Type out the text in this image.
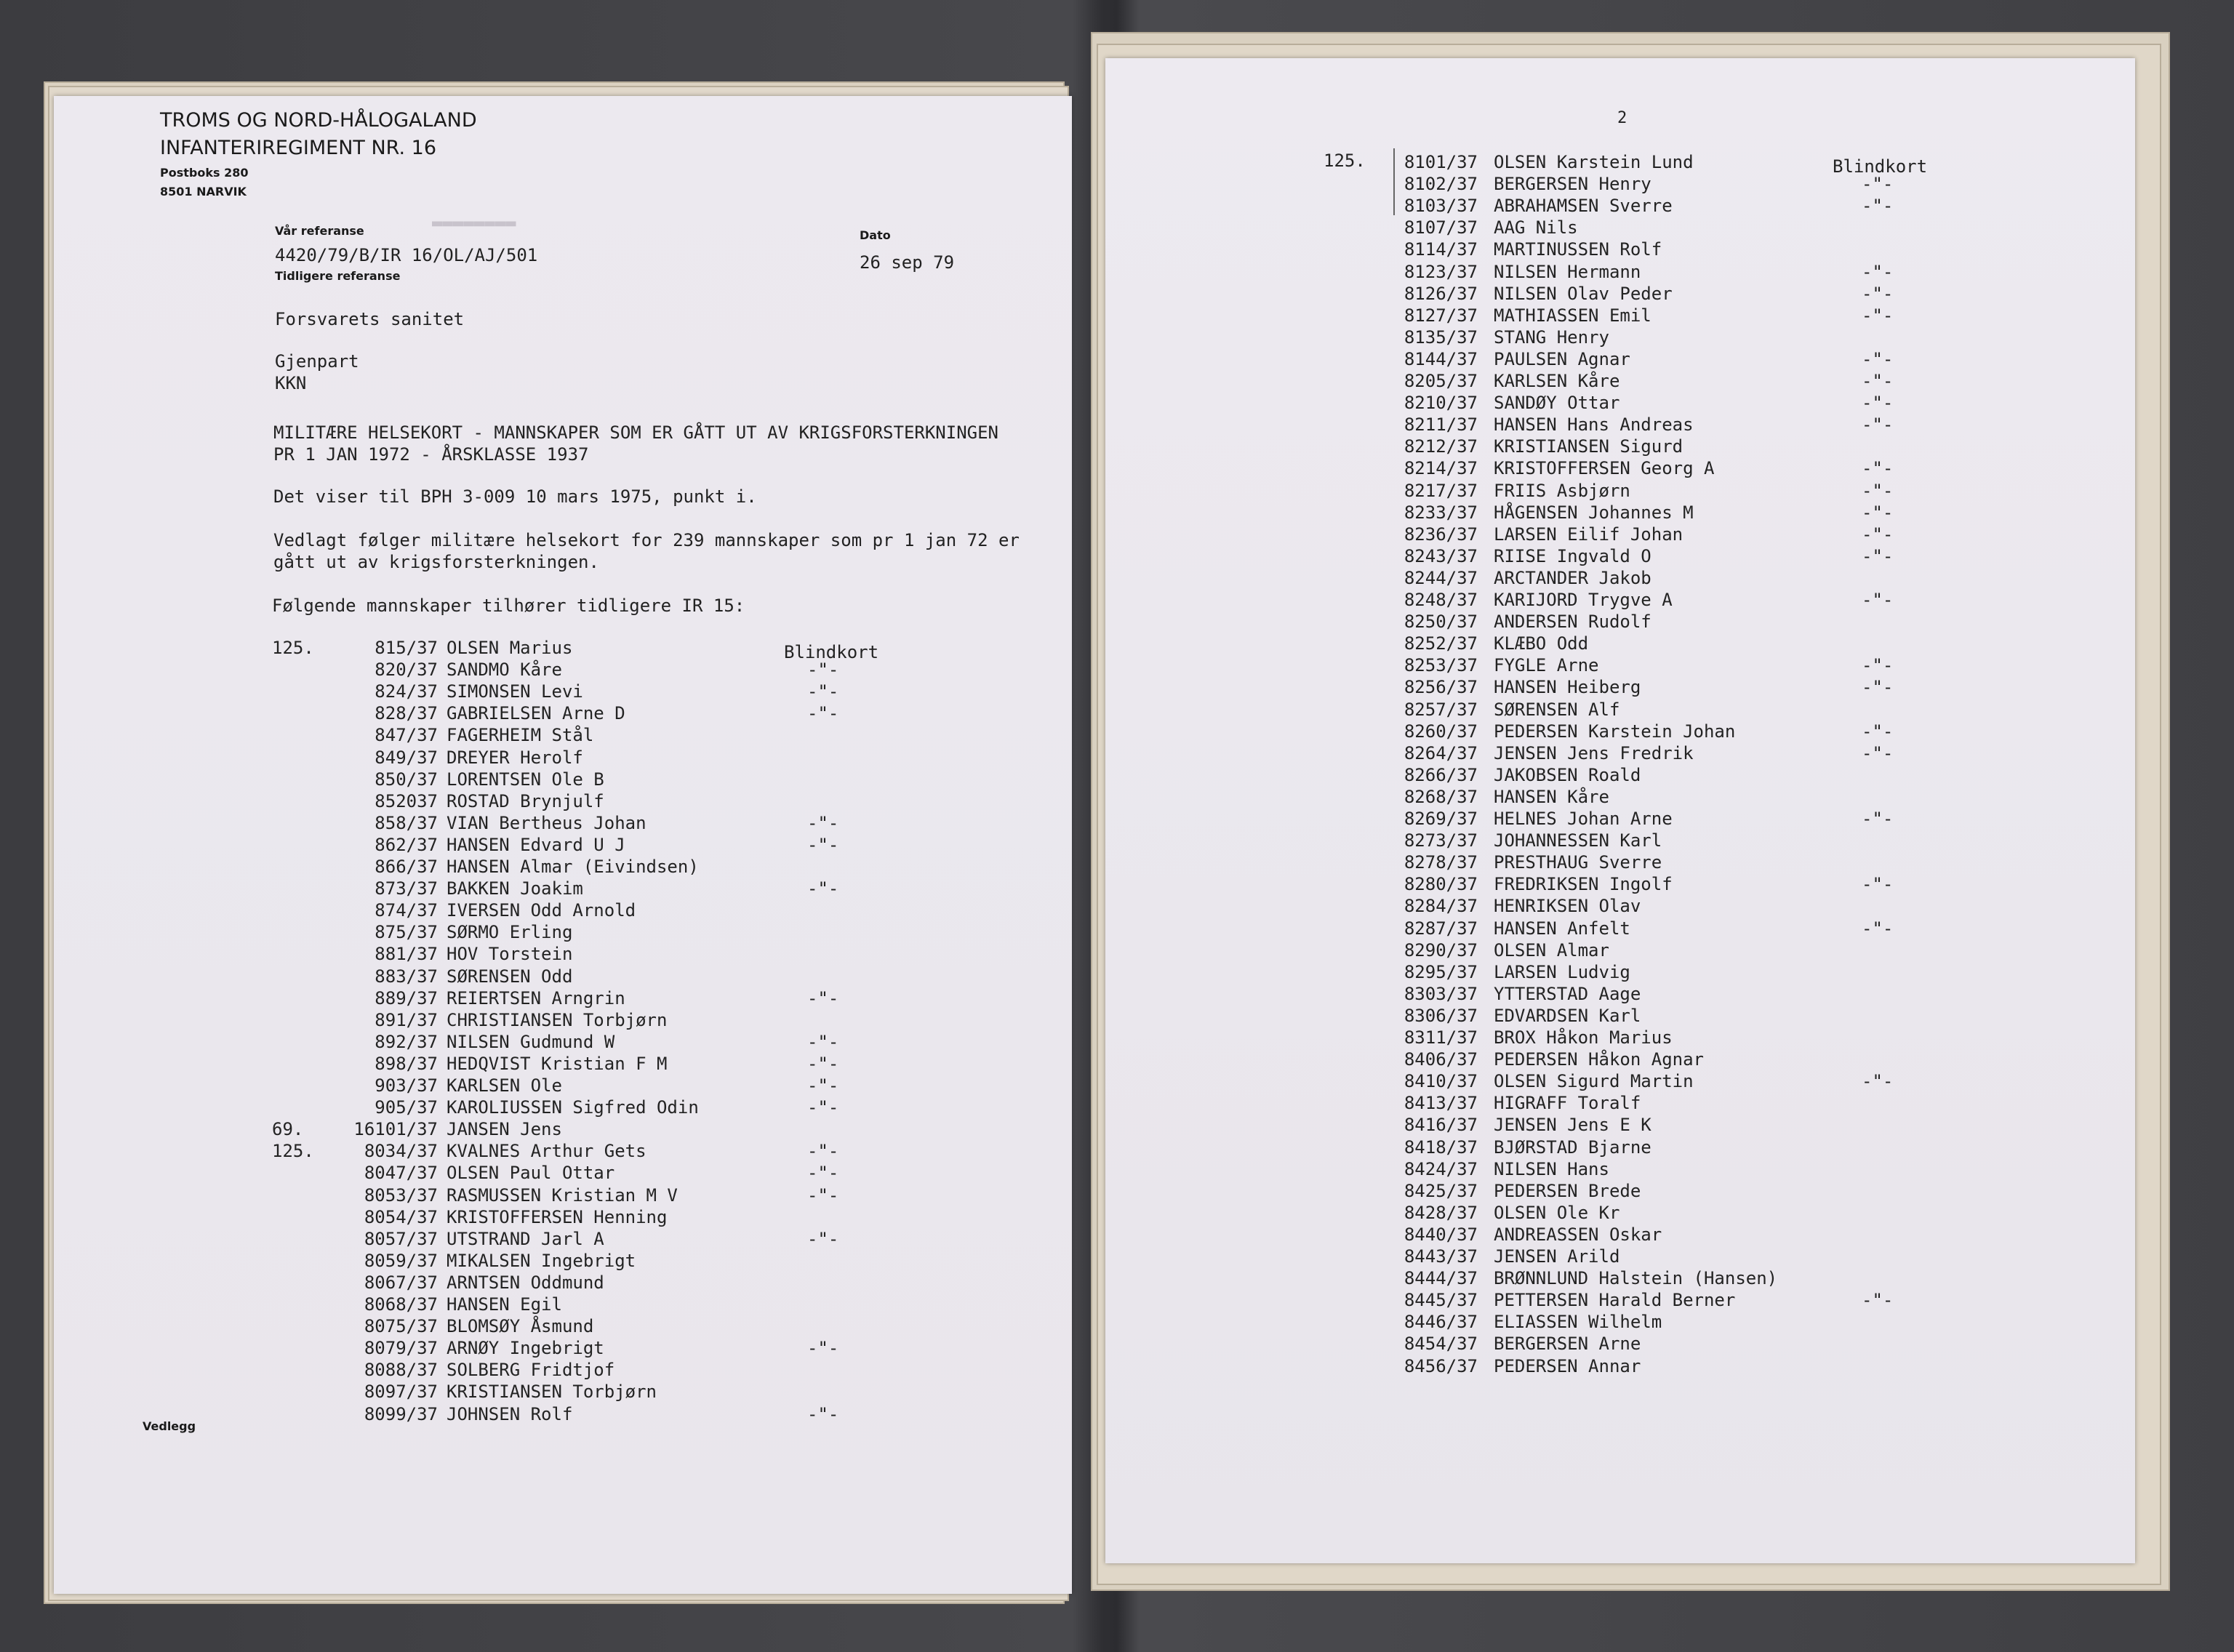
TROMS OG NORD-HÅLOGALAND
INFANTERIREGIMENT NR. 16
Postboks 280
8501 NARVIK
Vår referanse
4420/79/B/IR 16/OL/AJ/501
Tidligere referanse
Dato
26 sep 79
▬▬▬▬▬▬▬▬
Forsvarets sanitet
Gjenpart
KKN
MILITÆRE HELSEKORT - MANNSKAPER SOM ER GÅTT UT AV KRIGSFORSTERKNINGEN
PR 1 JAN 1972 - ÅRSKLASSE 1937
Det viser til BPH 3-009 10 mars 1975, punkt i.
Vedlagt følger militære helsekort for 239 mannskaper som pr 1 jan 72 er
gått ut av krigsforsterkningen.
Følgende mannskaper tilhører tidligere IR 15:
Blindkort
125.	815/37 OLSEN Marius
820/37 SANDMO Kåre	-"-
824/37 SIMONSEN Levi	-"-
828/37 GABRIELSEN Arne D	-"-
847/37 FAGERHEIM Stål
849/37 DREYER Herolf
850/37 LORENTSEN Ole B
852037 ROSTAD Brynjulf
858/37 VIAN Bertheus Johan	-"-
862/37 HANSEN Edvard U J	-"-
866/37 HANSEN Almar (Eivindsen)
873/37 BAKKEN Joakim	-"-
874/37 IVERSEN Odd Arnold
875/37 SØRMO Erling
881/37 HOV Torstein
883/37 SØRENSEN Odd
889/37 REIERTSEN Arngrin	-"-
891/37 CHRISTIANSEN Torbjørn
892/37 NILSEN Gudmund W	-"-
898/37 HEDQVIST Kristian F M	-"-
903/37 KARLSEN Ole	-"-
905/37 KAROLIUSSEN Sigfred Odin	-"-
69.	16101/37 JANSEN Jens
125.	8034/37 KVALNES Arthur Gets	-"-
8047/37 OLSEN Paul Ottar	-"-
8053/37 RASMUSSEN Kristian M V	-"-
8054/37 KRISTOFFERSEN Henning
8057/37 UTSTRAND Jarl A	-"-
8059/37 MIKALSEN Ingebrigt
8067/37 ARNTSEN Oddmund
8068/37 HANSEN Egil
8075/37 BLOMSØY Åsmund
8079/37 ARNØY Ingebrigt	-"-
8088/37 SOLBERG Fridtjof
8097/37 KRISTIANSEN Torbjørn
8099/37 JOHNSEN Rolf	-"-
Vedlegg
2
125.	Blindkort
8101/37 OLSEN Karstein Lund
8102/37 BERGERSEN Henry	-"-
8103/37 ABRAHAMSEN Sverre	-"-
8107/37 AAG Nils
8114/37 MARTINUSSEN Rolf
8123/37 NILSEN Hermann	-"-
8126/37 NILSEN Olav Peder	-"-
8127/37 MATHIASSEN Emil	-"-
8135/37 STANG Henry
8144/37 PAULSEN Agnar	-"-
8205/37 KARLSEN Kåre	-"-
8210/37 SANDØY Ottar	-"-
8211/37 HANSEN Hans Andreas	-"-
8212/37 KRISTIANSEN Sigurd
8214/37 KRISTOFFERSEN Georg A	-"-
8217/37 FRIIS Asbjørn	-"-
8233/37 HÅGENSEN Johannes M	-"-
8236/37 LARSEN Eilif Johan	-"-
8243/37 RIISE Ingvald O	-"-
8244/37 ARCTANDER Jakob
8248/37 KARIJORD Trygve A	-"-
8250/37 ANDERSEN Rudolf
8252/37 KLÆBO Odd
8253/37 FYGLE Arne	-"-
8256/37 HANSEN Heiberg	-"-
8257/37 SØRENSEN Alf
8260/37 PEDERSEN Karstein Johan	-"-
8264/37 JENSEN Jens Fredrik	-"-
8266/37 JAKOBSEN Roald
8268/37 HANSEN Kåre
8269/37 HELNES Johan Arne	-"-
8273/37 JOHANNESSEN Karl
8278/37 PRESTHAUG Sverre
8280/37 FREDRIKSEN Ingolf	-"-
8284/37 HENRIKSEN Olav
8287/37 HANSEN Anfelt	-"-
8290/37 OLSEN Almar
8295/37 LARSEN Ludvig
8303/37 YTTERSTAD Aage
8306/37 EDVARDSEN Karl
8311/37 BROX Håkon Marius
8406/37 PEDERSEN Håkon Agnar
8410/37 OLSEN Sigurd Martin	-"-
8413/37 HIGRAFF Toralf
8416/37 JENSEN Jens E K
8418/37 BJØRSTAD Bjarne
8424/37 NILSEN Hans
8425/37 PEDERSEN Brede
8428/37 OLSEN Ole Kr
8440/37 ANDREASSEN Oskar
8443/37 JENSEN Arild
8444/37 BRØNNLUND Halstein (Hansen)
8445/37 PETTERSEN Harald Berner	-"-
8446/37 ELIASSEN Wilhelm
8454/37 BERGERSEN Arne
8456/37 PEDERSEN Annar
